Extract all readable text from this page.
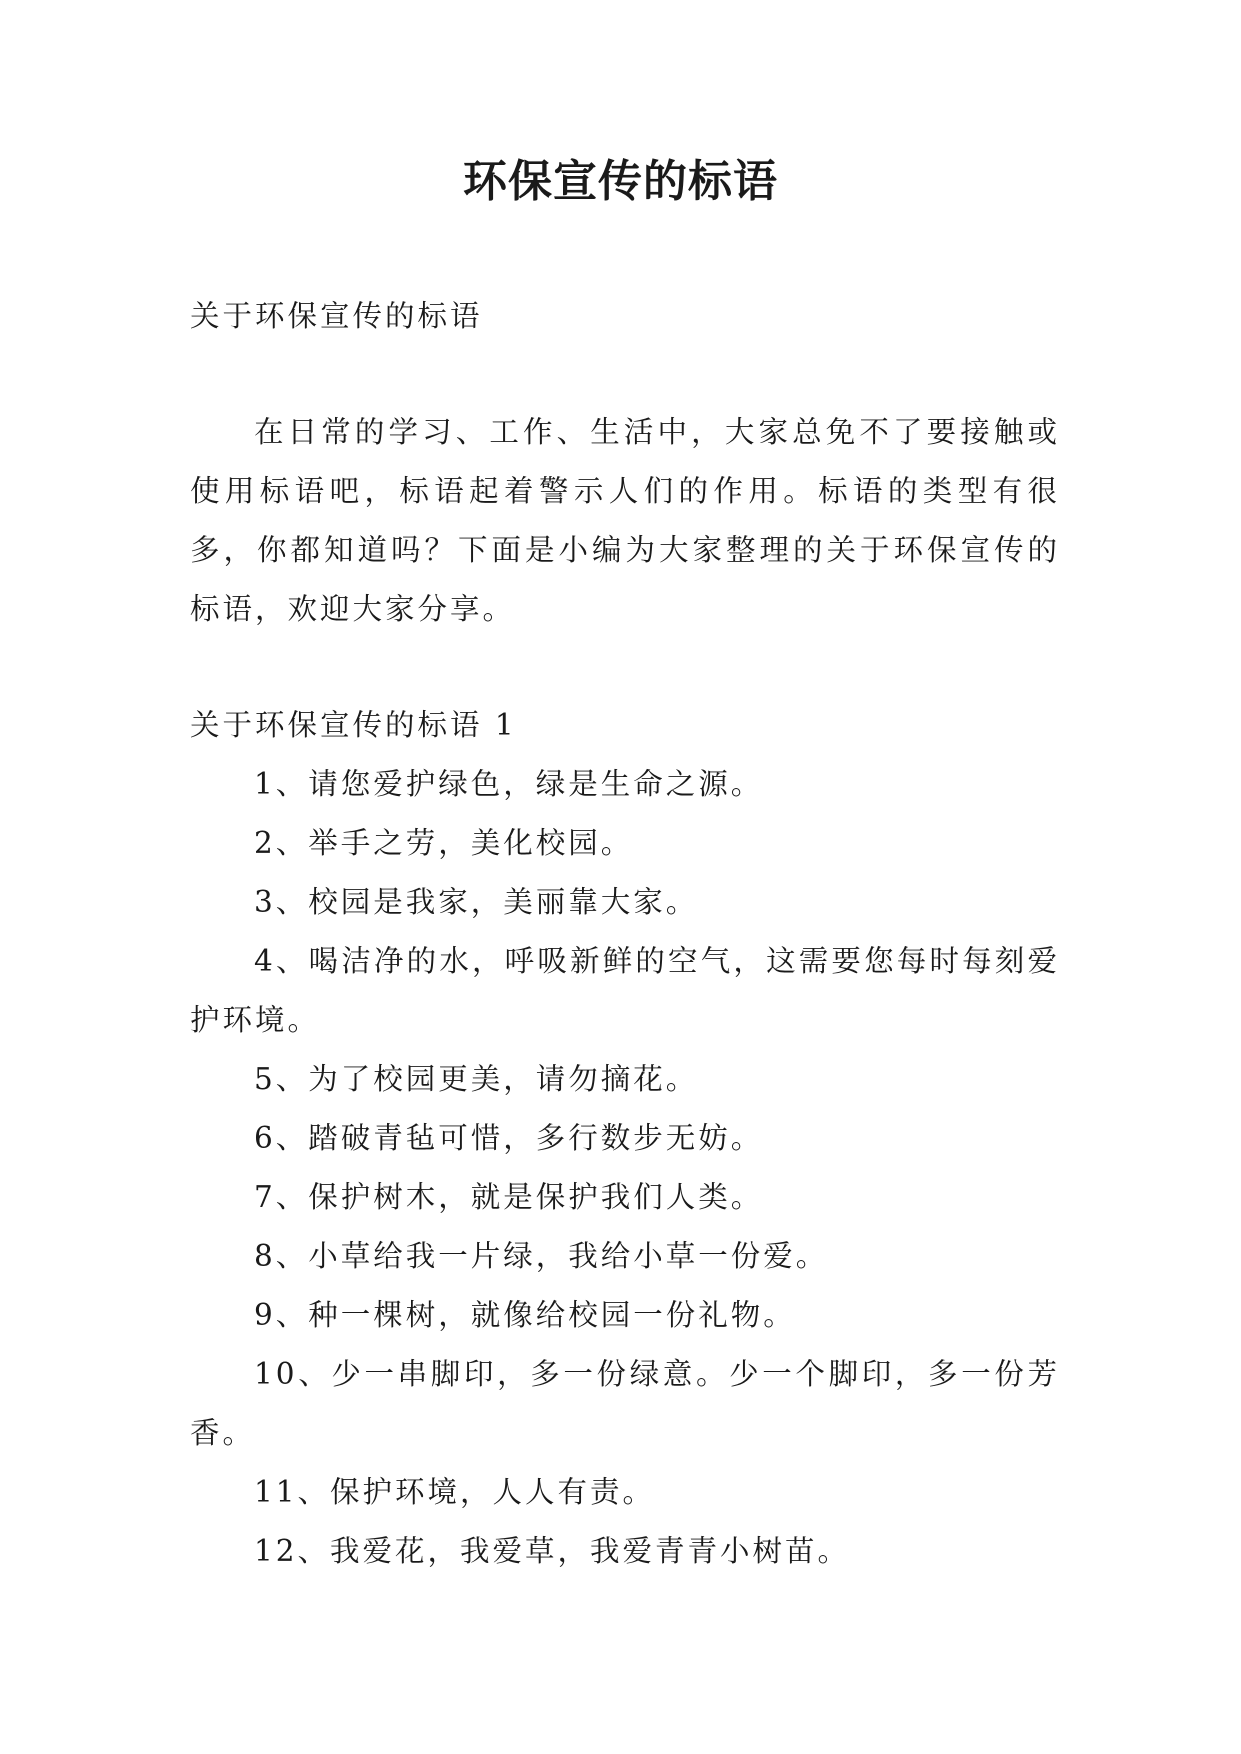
环保宣传的标语

关于环保宣传的标语

在日常的学习、工作、生活中，大家总免不了要接触或使用标语吧，标语起着警示人们的作用。标语的类型有很多，你都知道吗？下面是小编为大家整理的关于环保宣传的标语，欢迎大家分享。

关于环保宣传的标语 1

1、请您爱护绿色，绿是生命之源。

2、举手之劳，美化校园。

3、校园是我家，美丽靠大家。

4、喝洁净的水，呼吸新鲜的空气，这需要您每时每刻爱护环境。

5、为了校园更美，请勿摘花。

6、踏破青毡可惜，多行数步无妨。

7、保护树木，就是保护我们人类。

8、小草给我一片绿，我给小草一份爱。

9、种一棵树，就像给校园一份礼物。

10、少一串脚印，多一份绿意。少一个脚印，多一份芳香。

11、保护环境，人人有责。

12、我爱花，我爱草，我爱青青小树苗。
